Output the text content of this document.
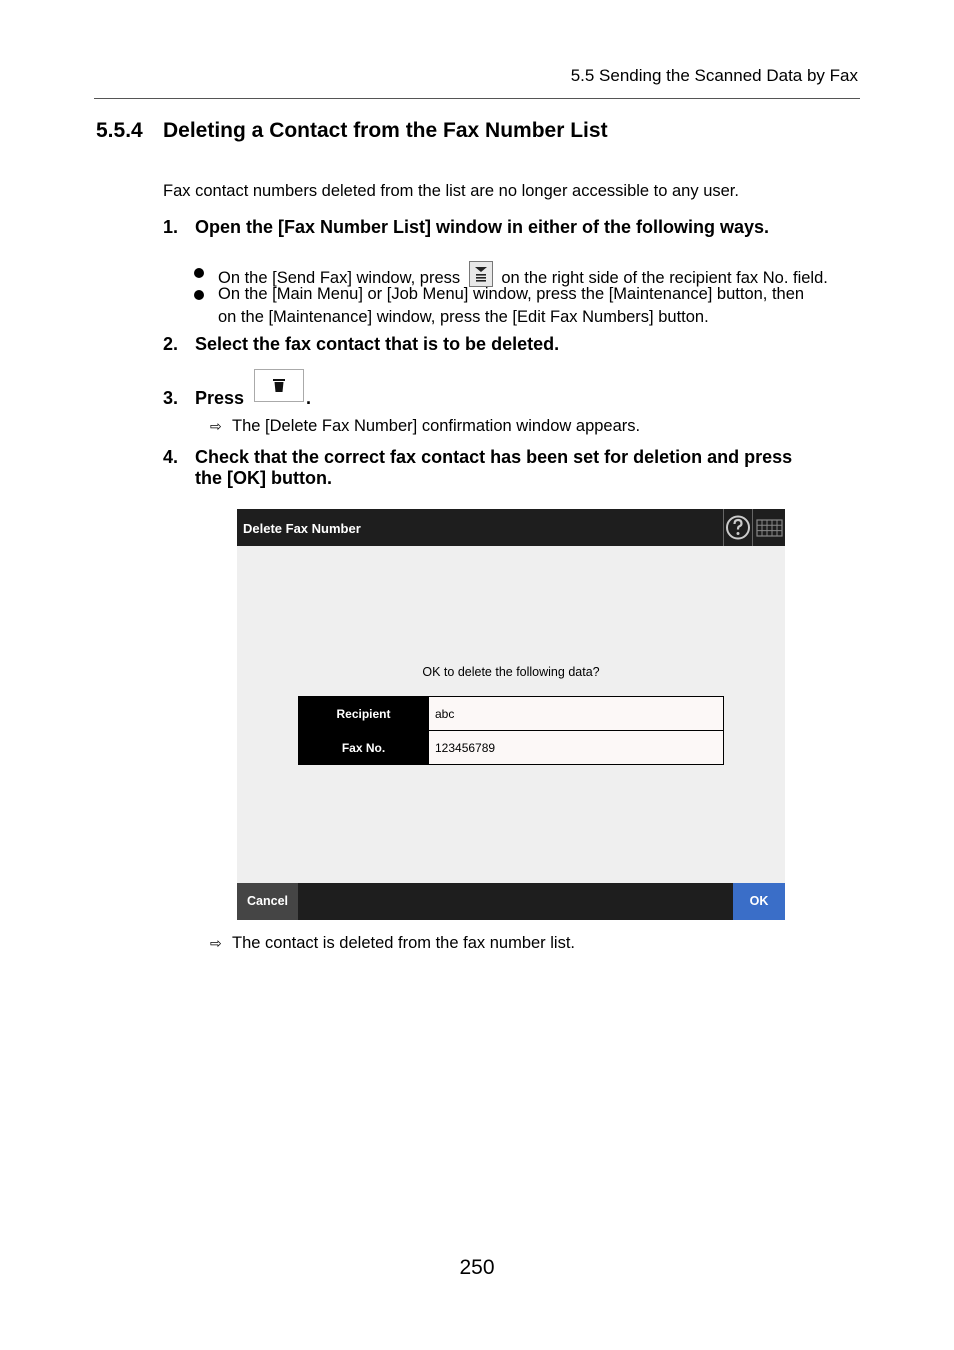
5.5 Sending the Scanned Data by Fax
5.5.4 Deleting a Contact from the Fax Number List
Fax contact numbers deleted from the list are no longer accessible to any user.
1. Open the [Fax Number List] window in either of the following ways.
On the [Send Fax] window, press on the right side of the recipient fax No. field.
On the [Main Menu] or [Job Menu] window, press the [Maintenance] button, then
on the [Maintenance] window, press the [Edit Fax Numbers] button.
2. Select the fax contact that is to be deleted.
3. Press	.
⇨ The [Delete Fax Number] confirmation window appears.
4. Check that the correct fax contact has been set for deletion and press
the [OK] button.
Delete Fax Number
OK to delete the following data?
Recipient	abc
Fax No.	123456789
Cancel	OK
⇨ The contact is deleted from the fax number list.
250
